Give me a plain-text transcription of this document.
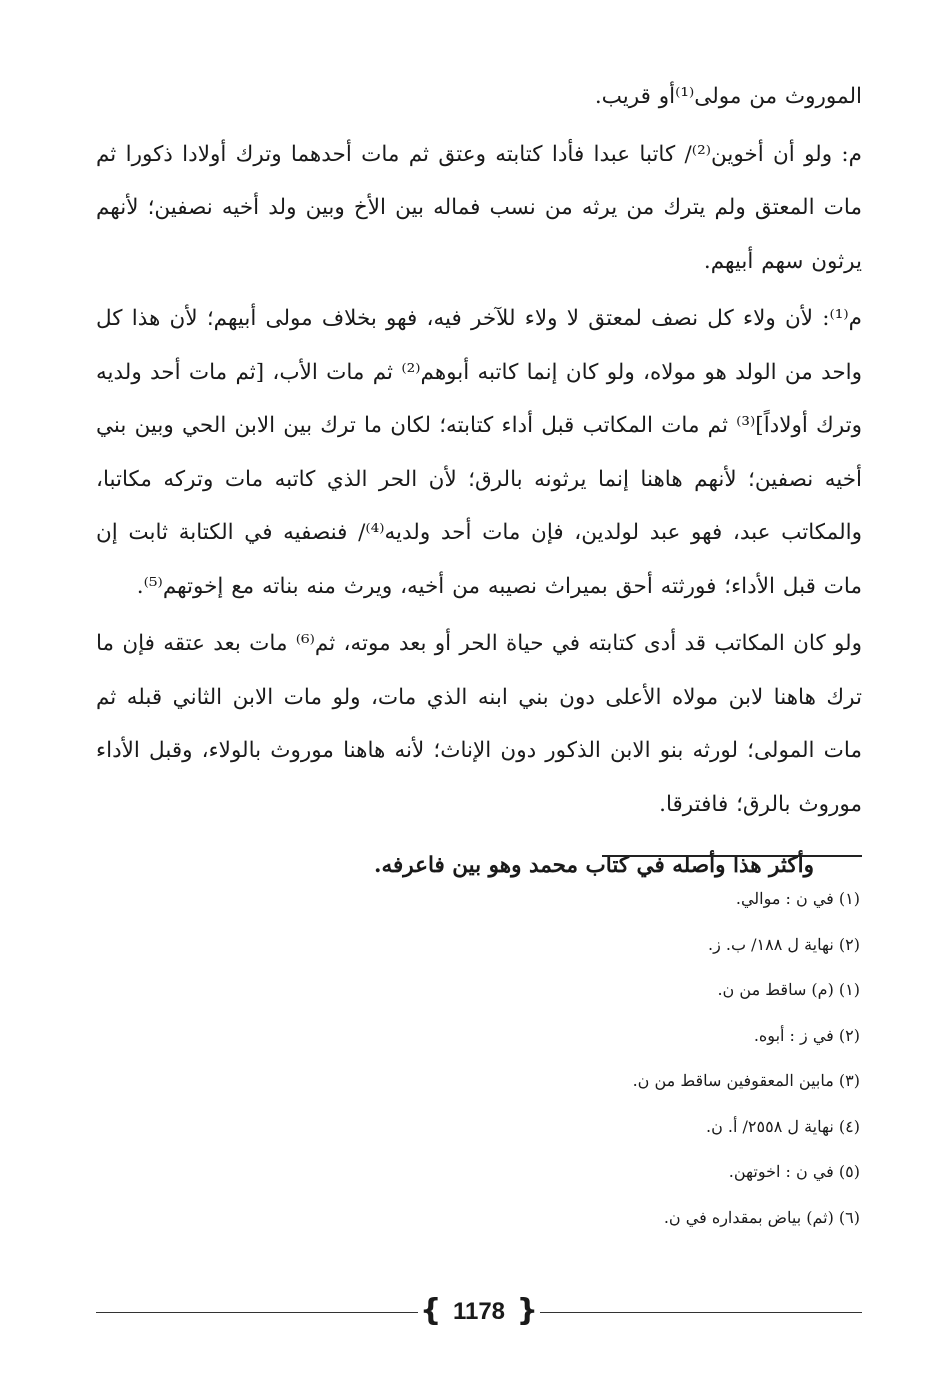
الموروث من مولى⁽¹⁾أو قريب.

م: ولو أن أخوين⁽²⁾/ كاتبا عبدا فأدا كتابته وعتق ثم مات أحدهما وترك أولادا ذكورا ثم مات المعتق ولم يترك من يرثه من نسب فماله بين الأخ وبين ولد أخيه نصفين؛ لأنهم يرثون سهم أبيهم.

م⁽¹⁾: لأن ولاء كل نصف لمعتق لا ولاء للآخر فيه، فهو بخلاف مولى أبيهم؛ لأن هذا كل واحد من الولد هو مولاه، ولو كان إنما كاتبه أبوهم⁽²⁾ ثم مات الأب، [ثم مات أحد ولديه وترك أولاداً]⁽³⁾ ثم مات المكاتب قبل أداء كتابته؛ لكان ما ترك بين الابن الحي وبين بني أخيه نصفين؛ لأنهم هاهنا إنما يرثونه بالرق؛ لأن الحر الذي كاتبه مات وتركه مكاتبا، والمكاتب عبد، فهو عبد لولدين، فإن مات أحد ولديه⁽⁴⁾/ فنصفيه في الكتابة ثابت إن مات قبل الأداء؛ فورثته أحق بميراث نصيبه من أخيه، ويرث منه بناته مع إخوتهم⁽⁵⁾.

ولو كان المكاتب قد أدى كتابته في حياة الحر أو بعد موته، ثم⁽⁶⁾ مات بعد عتقه فإن ما ترك هاهنا لابن مولاه الأعلى دون بني ابنه الذي مات، ولو مات الابن الثاني قبله ثم مات المولى؛ لورثه بنو الابن الذكور دون الإناث؛ لأنه هاهنا موروث بالولاء، وقبل الأداء موروث بالرق؛ فافترقا.

وأكثر هذا وأصله في كتاب محمد وهو بين فاعرفه.

(١) في ن : موالي.
(٢) نهاية ل ١٨٨/ ب. ز.
(١) (م) ساقط من ن.
(٢) في ز : أبوه.
(٣) مابين المعقوفين ساقط من ن.
(٤) نهاية ل ٢٥٥٨/ أ. ن.
(٥) في ن : اخوتهن.
(٦) (ثم) بياض بمقداره في ن.
{ 1178 }
